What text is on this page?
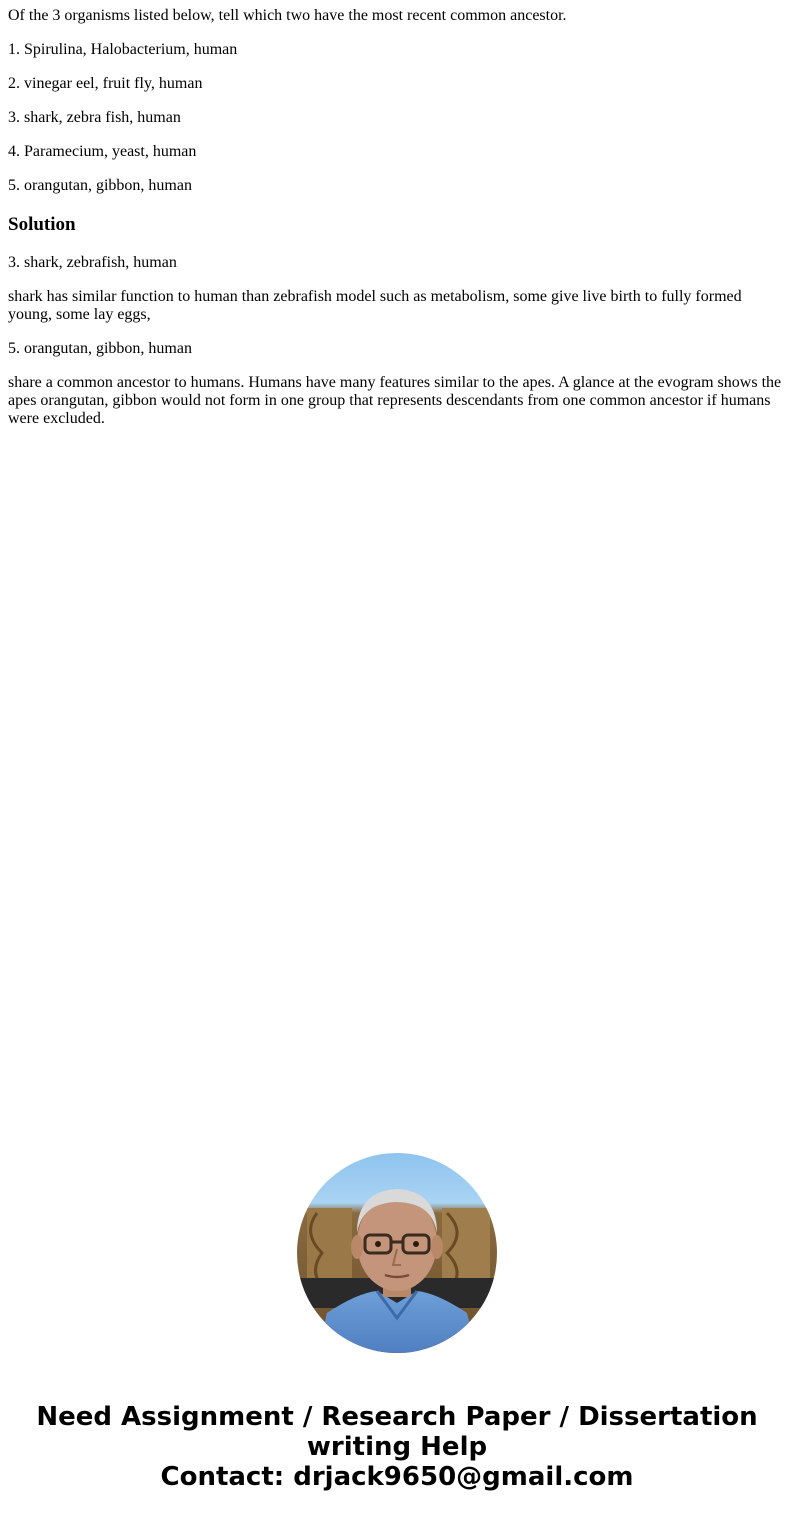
Of the 3 organisms listed below, tell which two have the most recent common ancestor.

1. Spirulina, Halobacterium, human

2. vinegar eel, fruit fly, human

3. shark, zebra fish, human

4. Paramecium, yeast, human

5. orangutan, gibbon, human

Solution

3. shark, zebrafish, human

shark has similar function to human than zebrafish model such as metabolism, some give live birth to fully formed young, some lay eggs,

5. orangutan, gibbon, human

share a common ancestor to humans. Humans have many features similar to the apes. A glance at the evogram shows the apes orangutan, gibbon would not form in one group that represents descendants from one common ancestor if humans were excluded.

Need Assignment / Research Paper / Dissertation
writing Help
Contact: drjack9650@gmail.com
